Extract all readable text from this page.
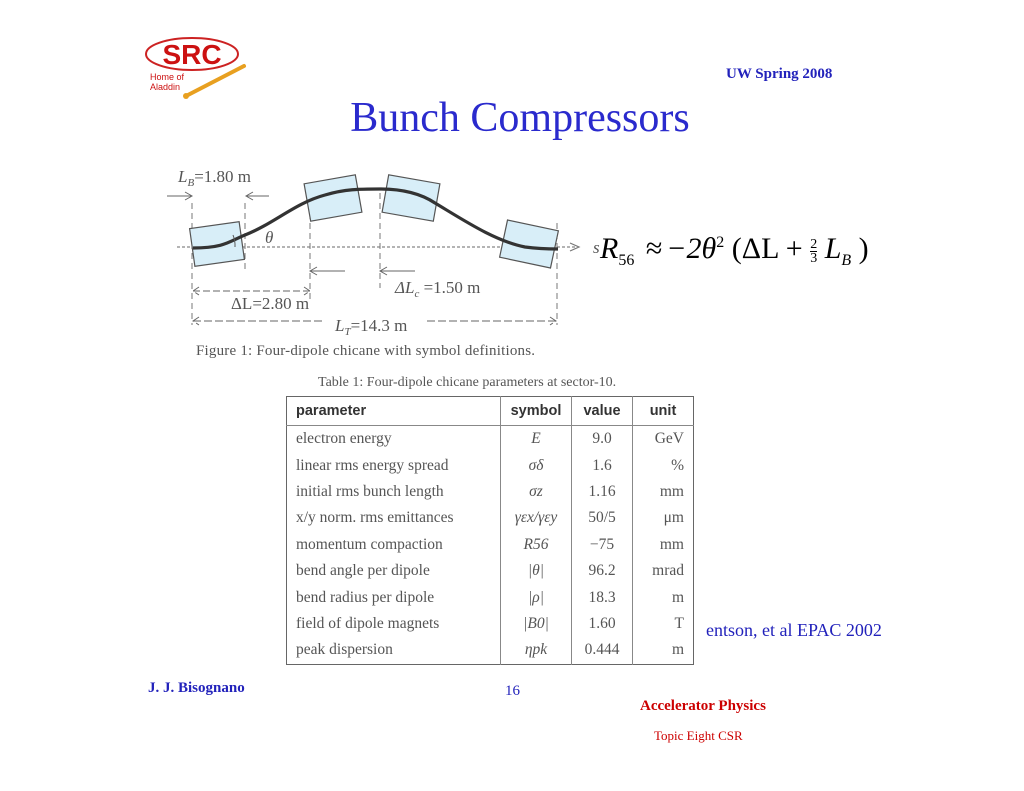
SRC
Home of
Aladdin
UW Spring 2008
Bunch Compressors
s
θ
$L_B=1.80$ m
$\Delta L_c =1.50$ m
ΔL=2.80 m
$L_T=14.3$ m
Figure 1: Four-dipole chicane with symbol definitions.
$R_{56} \approx -2\theta^2$ ($\Delta L + \frac{2}{3} L_B$ )
Table 1: Four-dipole chicane parameters at sector-10.
parameter	symbol	value	unit
electron energy	E	9.0	GeV
linear rms energy spread	σδ	1.6	%
initial rms bunch length	σz	1.16	mm
x/y norm. rms emittances	γεx/γεy	50/5	μm
momentum compaction	R56	−75	mm
bend angle per dipole	|θ|	96.2	mrad
bend radius per dipole	|ρ|	18.3	m
field of dipole magnets	|B0|	1.60	T
peak dispersion	ηpk	0.444	m
entson, et al EPAC 2002
J. J. Bisognano	16
Accelerator Physics
Topic Eight CSR
